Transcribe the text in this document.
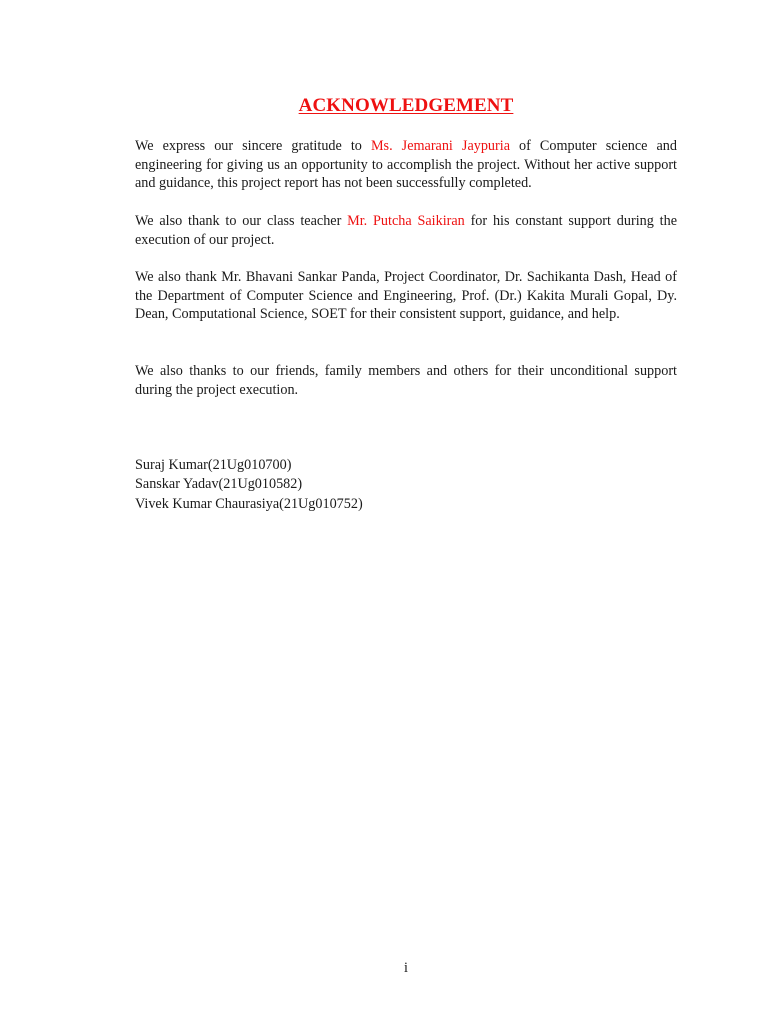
ACKNOWLEDGEMENT

We express our sincere gratitude to Ms. Jemarani Jaypuria of Computer science and engineering for giving us an opportunity to accomplish the project. Without her active support and guidance, this project report has not been successfully completed.

We also thank to our class teacher Mr. Putcha Saikiran for his constant support during the execution of our project.

We also thank Mr. Bhavani Sankar Panda, Project Coordinator, Dr. Sachikanta Dash, Head of the Department of Computer Science and Engineering, Prof. (Dr.) Kakita Murali Gopal, Dy. Dean, Computational Science, SOET for their consistent support, guidance, and help.

We also thanks to our friends, family members and others for their unconditional support during the project execution.

Suraj Kumar(21Ug010700)
Sanskar Yadav(21Ug010582)
Vivek Kumar Chaurasiya(21Ug010752)
i
